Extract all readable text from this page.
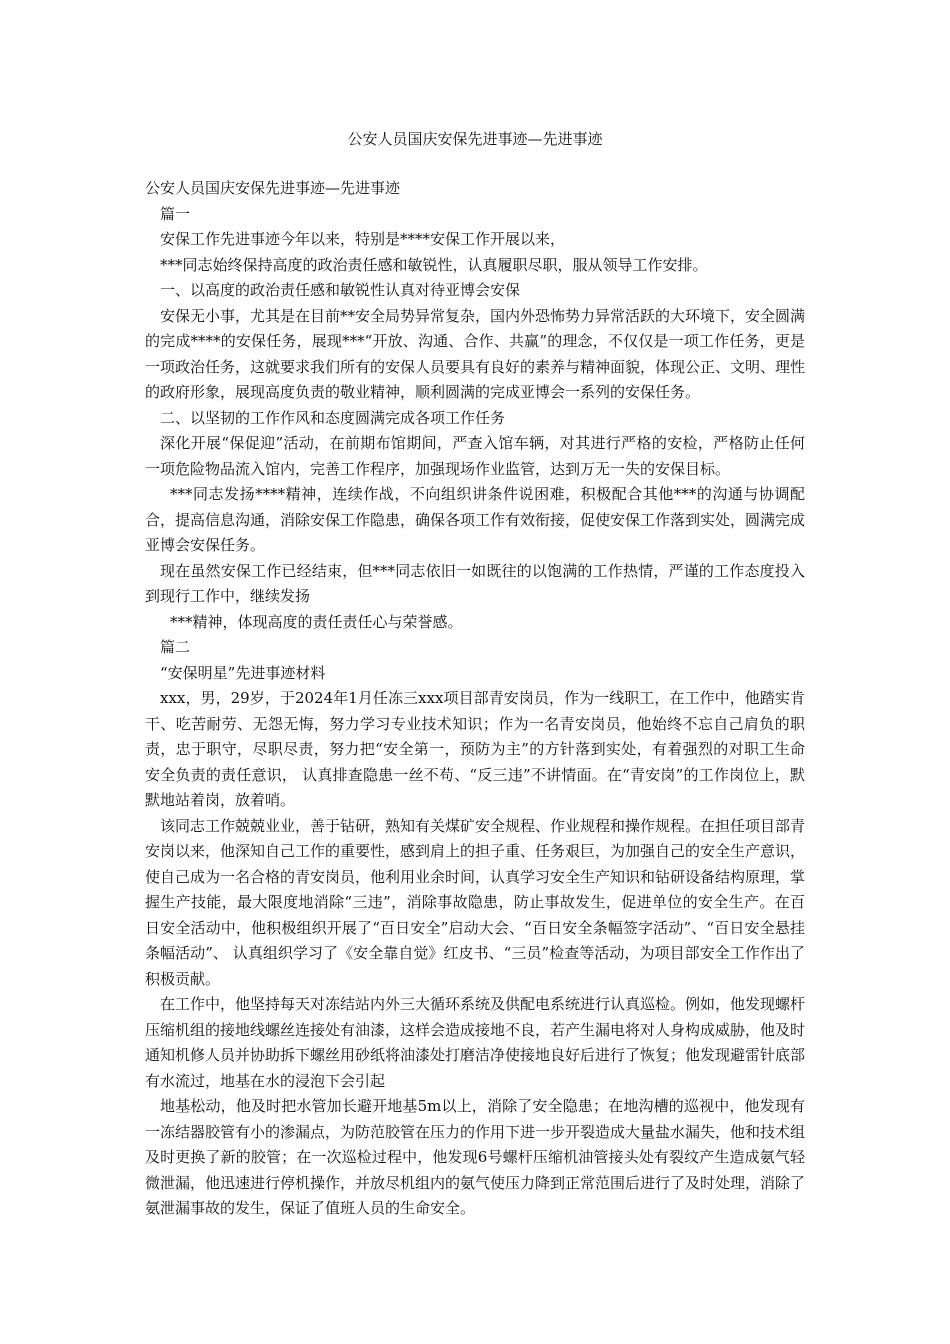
公安人员国庆安保先进事迹—先进事迹

公安人员国庆安保先进事迹—先进事迹

篇一

安保工作先进事迹今年以来，特别是****安保工作开展以来，

***同志始终保持高度的政治责任感和敏锐性，认真履职尽职，服从领导工作安排。

一、以高度的政治责任感和敏锐性认真对待亚博会安保

安保无小事，尤其是在目前**安全局势异常复杂，国内外恐怖势力异常活跃的大环境下，安全圆满的完成****的安保任务，展现***“开放、沟通、合作、共赢”的理念，不仅仅是一项工作任务，更是一项政治任务，这就要求我们所有的安保人员要具有良好的素养与精神面貌，体现公正、文明、理性的政府形象，展现高度负责的敬业精神，顺利圆满的完成亚博会一系列的安保任务。

二、以坚韧的工作作风和态度圆满完成各项工作任务

深化开展“保促迎”活动，在前期布馆期间，严查入馆车辆，对其进行严格的安检，严格防止任何一项危险物品流入馆内，完善工作程序，加强现场作业监管，达到万无一失的安保目标。

***同志发扬****精神，连续作战，不向组织讲条件说困难，积极配合其他***的沟通与协调配合，提高信息沟通，消除安保工作隐患，确保各项工作有效衔接，促使安保工作落到实处，圆满完成亚博会安保任务。

现在虽然安保工作已经结束，但***同志依旧一如既往的以饱满的工作热情，严谨的工作态度投入到现行工作中，继续发扬

***精神，体现高度的责任责任心与荣誉感。

篇二

“安保明星”先进事迹材料

xxx，男，29岁，于2024年1月任冻三xxx项目部青安岗员，作为一线职工，在工作中，他踏实肯干、吃苦耐劳、无怨无悔，努力学习专业技术知识；作为一名青安岗员，他始终不忘自己肩负的职责，忠于职守，尽职尽责，努力把“安全第一，预防为主”的方针落到实处，有着强烈的对职工生命安全负责的责任意识， 认真排查隐患一丝不苟、“反三违”不讲情面。在“青安岗”的工作岗位上，默默地站着岗，放着哨。

该同志工作兢兢业业，善于钻研，熟知有关煤矿安全规程、作业规程和操作规程。在担任项目部青安岗以来，他深知自己工作的重要性，感到肩上的担子重、任务艰巨，为加强自己的安全生产意识，使自己成为一名合格的青安岗员，他利用业余时间，认真学习安全生产知识和钻研设备结构原理，掌握生产技能，最大限度地消除“三违”，消除事故隐患，防止事故发生，促进单位的安全生产。在百日安全活动中，他积极组织开展了“百日安全”启动大会、“百日安全条幅签字活动”、“百日安全悬挂条幅活动”、 认真组织学习了《安全靠自觉》红皮书、“三员”检查等活动，为项目部安全工作作出了积极贡献。

在工作中，他坚持每天对冻结站内外三大循环系统及供配电系统进行认真巡检。例如，他发现螺杆压缩机组的接地线螺丝连接处有油漆，这样会造成接地不良，若产生漏电将对人身构成威胁，他及时通知机修人员并协助拆下螺丝用砂纸将油漆处打磨洁净使接地良好后进行了恢复；他发现避雷针底部有水流过，地基在水的浸泡下会引起

地基松动，他及时把水管加长避开地基5m以上，消除了安全隐患；在地沟槽的巡视中，他发现有一冻结器胶管有小的渗漏点，为防范胶管在压力的作用下进一步开裂造成大量盐水漏失，他和技术组及时更换了新的胶管；在一次巡检过程中，他发现6号螺杆压缩机油管接头处有裂纹产生造成氨气轻微泄漏，他迅速进行停机操作，并放尽机组内的氨气使压力降到正常范围后进行了及时处理，消除了氨泄漏事故的发生，保证了值班人员的生命安全。
